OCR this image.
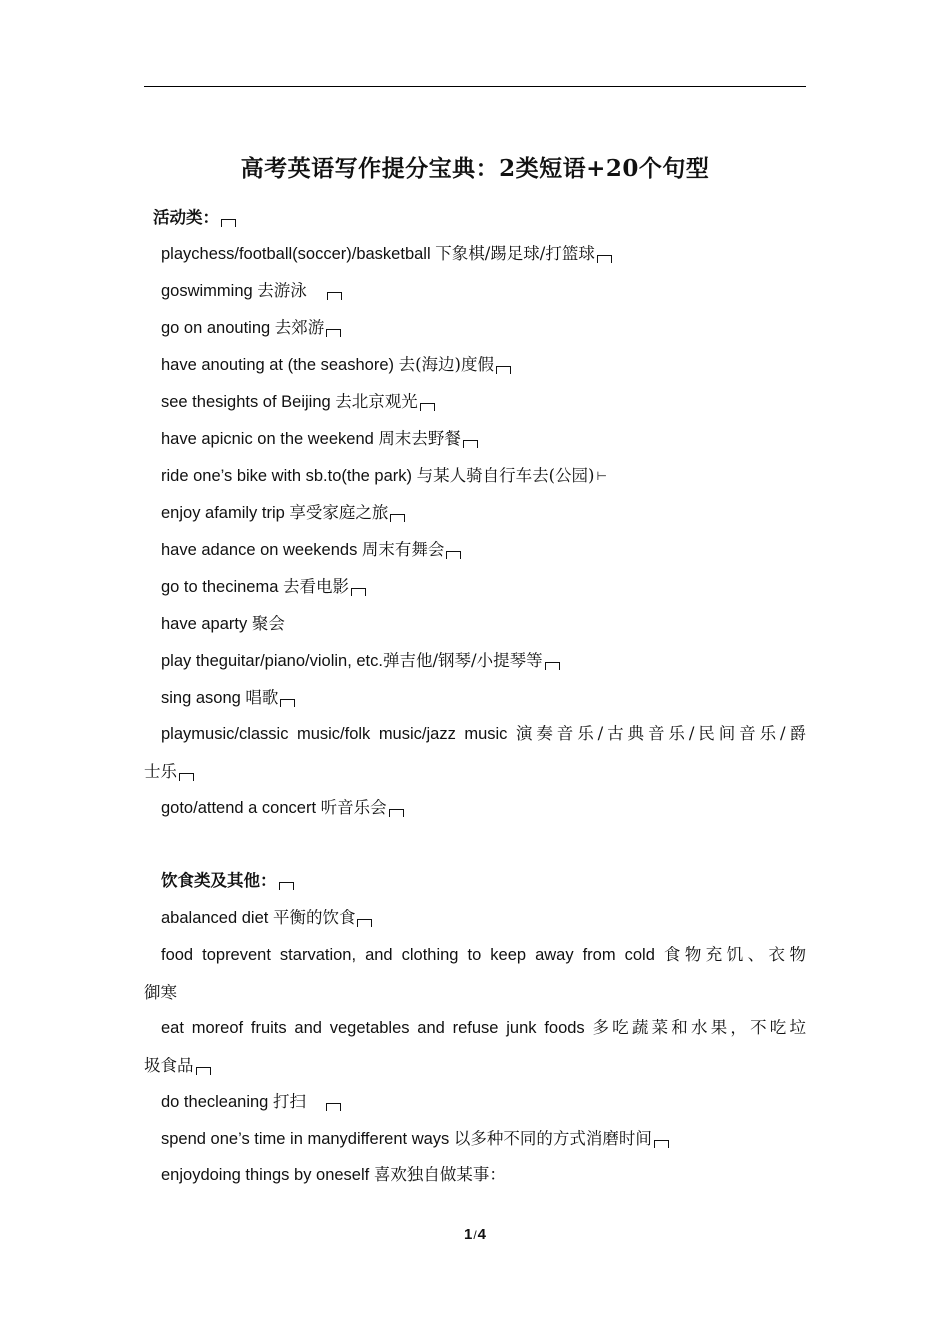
高考英语写作提分宝典：2类短语+20个句型
活动类：
playchess/football(soccer)/basketball 下象棋/踢足球/打篮球
goswimming 去游泳
go on anouting 去郊游
have anouting at (the seashore) 去(海边)度假
see thesights of Beijing 去北京观光
have apicnic on the weekend 周末去野餐
ride one’s bike with sb.to(the park) 与某人骑自行车去(公园) ⊢
enjoy afamily trip 享受家庭之旅
have adance on weekends 周末有舞会
go to thecinema 去看电影
have aparty 聚会
play theguitar/piano/violin, etc.弹吉他/钢琴/小提琴等
sing asong 唱歌
playmusic/classic music/folk music/jazz music 演奏音乐/古典音乐/民间音乐/爵
士乐
goto/attend a concert 听音乐会
饮食类及其他：
abalanced diet 平衡的饮食
food toprevent starvation, and clothing to keep away from cold 食物充饥、衣物
御寒
eat moreof fruits and vegetables and refuse junk foods 多吃蔬菜和水果，不吃垃
圾食品
do thecleaning 打扫
spend one’s time in manydifferent ways 以多种不同的方式消磨时间
enjoydoing things by oneself 喜欢独自做某事：
1/4
